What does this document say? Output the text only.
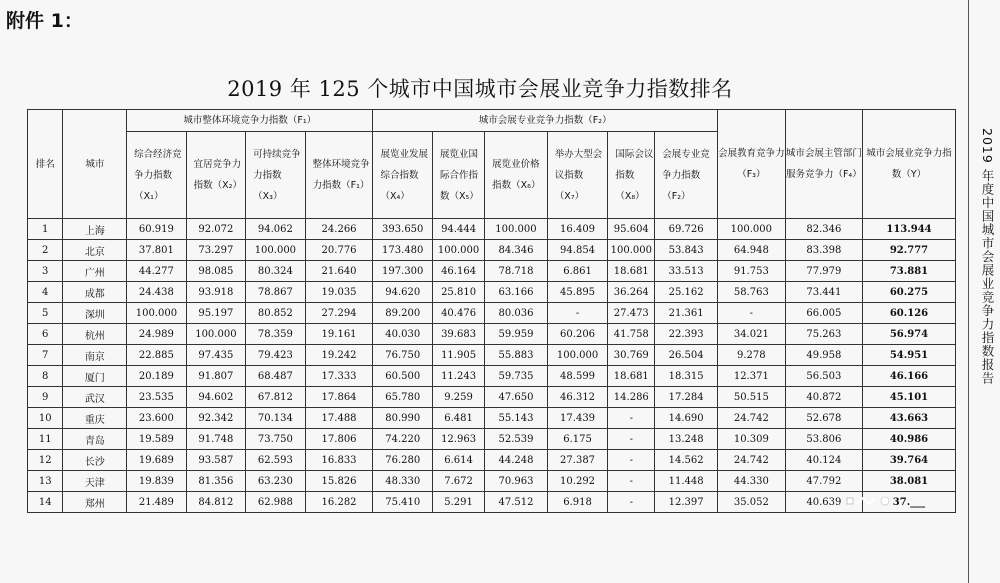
附件 1：
2019 年 125 个城市中国城市会展业竞争力指数排名
2019 年度中国城市会展业竞争力指数报告
排名	城市	城市整体环境竞争力指数（F₁）				城市会展专业竞争力指数（F₂）						会展教育竞争力（F₃）	城市会展主管部门服务竞争力（F₄）	城市会展业竞争力指数（Y）
		综合经济竞争力指数（X₁）	宜居竞争力指数（X₂）	可持续竞争力指数（X₃）	整体环境竞争力指数（F₁）	展览业发展综合指数（X₄）	展览业国际合作指数（X₅）	展览业价格指数（X₆）	举办大型会议指数（X₇）	国际会议指数（X₈）	会展专业竞争力指数（F₂）			
1	上海	60.919	92.072	94.062	24.266	393.650	94.444	100.000	16.409	95.604	69.726	100.000	82.346	113.944
2	北京	37.801	73.297	100.000	20.776	173.480	100.000	84.346	94.854	100.000	53.843	64.948	83.398	92.777
3	广州	44.277	98.085	80.324	21.640	197.300	46.164	78.718	6.861	18.681	33.513	91.753	77.979	73.881
4	成都	24.438	93.918	78.867	19.035	94.620	25.810	63.166	45.895	36.264	25.162	58.763	73.441	60.275
5	深圳	100.000	95.197	80.852	27.294	89.200	40.476	80.036	-	27.473	21.361	-	66.005	60.126
6	杭州	24.989	100.000	78.359	19.161	40.030	39.683	59.959	60.206	41.758	22.393	34.021	75.263	56.974
7	南京	22.885	97.435	79.423	19.242	76.750	11.905	55.883	100.000	30.769	26.504	9.278	49.958	54.951
8	厦门	20.189	91.807	68.487	17.333	60.500	11.243	59.735	48.599	18.681	18.315	12.371	56.503	46.166
9	武汉	23.535	94.602	67.812	17.864	65.780	9.259	47.650	46.312	14.286	17.284	50.515	40.872	45.101
10	重庆	23.600	92.342	70.134	17.488	80.990	6.481	55.143	17.439	-	14.690	24.742	52.678	43.663
11	青岛	19.589	91.748	73.750	17.806	74.220	12.963	52.539	6.175	-	13.248	10.309	53.806	40.986
12	长沙	19.689	93.587	62.593	16.833	76.280	6.614	44.248	27.387	-	14.562	24.742	40.124	39.764
13	天津	19.839	81.356	63.230	15.826	48.330	7.672	70.963	10.292	-	11.448	44.330	47.792	38.081
14	郑州	21.489	84.812	62.988	16.282	75.410	5.291	47.512	6.918	-	12.397	35.052	40.639	37.___
